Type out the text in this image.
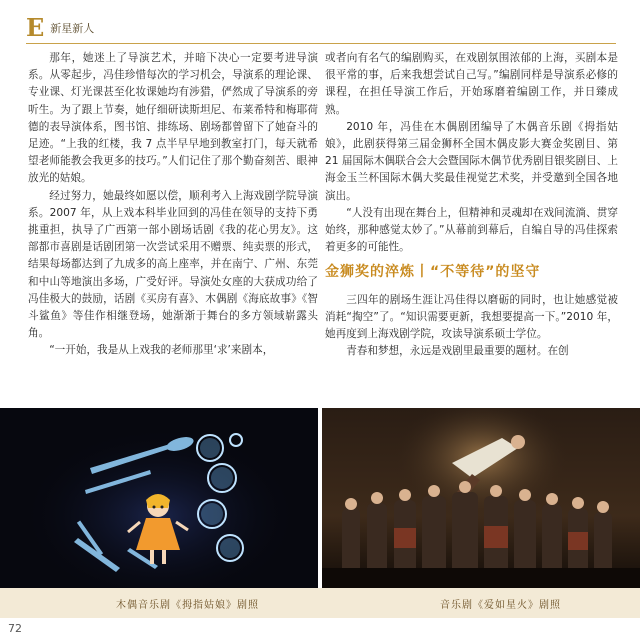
E 新星新人

那年，她迷上了导演艺术，并暗下决心一定要考进导演系。从零起步，冯佳珍惜每次的学习机会，导演系的理论课、专业课、灯光课甚至化妆课她均有涉猎，俨然成了导演系的旁听生。为了跟上节奏，她仔细研读斯坦尼、布莱希特和梅耶荷德的表导演体系，图书馆、排练场、剧场都曾留下了她奋斗的足迹。“上我的红楼，我 7 点半早早地到教室打门，每天就希望老师能教会我更多的技巧。”人们记住了那个勤奋刻苦、眼神放光的姑娘。

经过努力，她最终如愿以偿，顺利考入上海戏剧学院导演系。2007 年，从上戏本科毕业回到的冯佳在领导的支持下勇挑重担，执导了广西第一部小剧场话剧《我的花心男友》。这部都市喜剧是话剧团第一次尝试采用不赠票、纯卖票的形式，结果每场都达到了九成多的高上座率，并在南宁、广州、东莞和中山等地演出多场，广受好评。导演处女座的大获成功给了冯佳极大的鼓励，话剧《买房有喜》、木偶剧《海底故事》《智斗鲨鱼》等佳作相继登场，她渐渐于舞台的多方领域崭露头角。

“一开始，我是从上戏我的老师那里‘求’来剧本，

或者向有名气的编剧购买，在戏剧氛围浓郁的上海，买剧本是很平常的事，后来我想尝试自己写。”编剧同样是导演系必修的课程，在担任导演工作后，开始琢磨着编剧工作，并日臻成熟。

2010 年，冯佳在木偶剧团编导了木偶音乐剧《拇指姑娘》，此剧获得第三届金狮杯全国木偶皮影大赛金奖剧目、第 21 届国际木偶联合会大会暨国际木偶节优秀剧目银奖剧目、上海金玉兰杯国际木偶大奖最佳视觉艺术奖，并受邀到全国各地演出。

“人没有出现在舞台上，但精神和灵魂却在戏间流淌、贯穿始终，那种感觉太妙了。”从幕前到幕后，自编自导的冯佳探索着更多的可能性。

金狮奖的淬炼丨“不等待”的坚守

三四年的剧场生涯让冯佳得以磨砺的同时，也让她感觉被消耗“掏空”了。“知识需要更新，我想要提高一下。”2010 年，她再度到上海戏剧学院，攻读导演系硕士学位。

青春和梦想，永远是戏剧里最重要的题材。在创

木偶音乐剧《拇指姑娘》剧照	音乐剧《爱如星火》剧照
72
